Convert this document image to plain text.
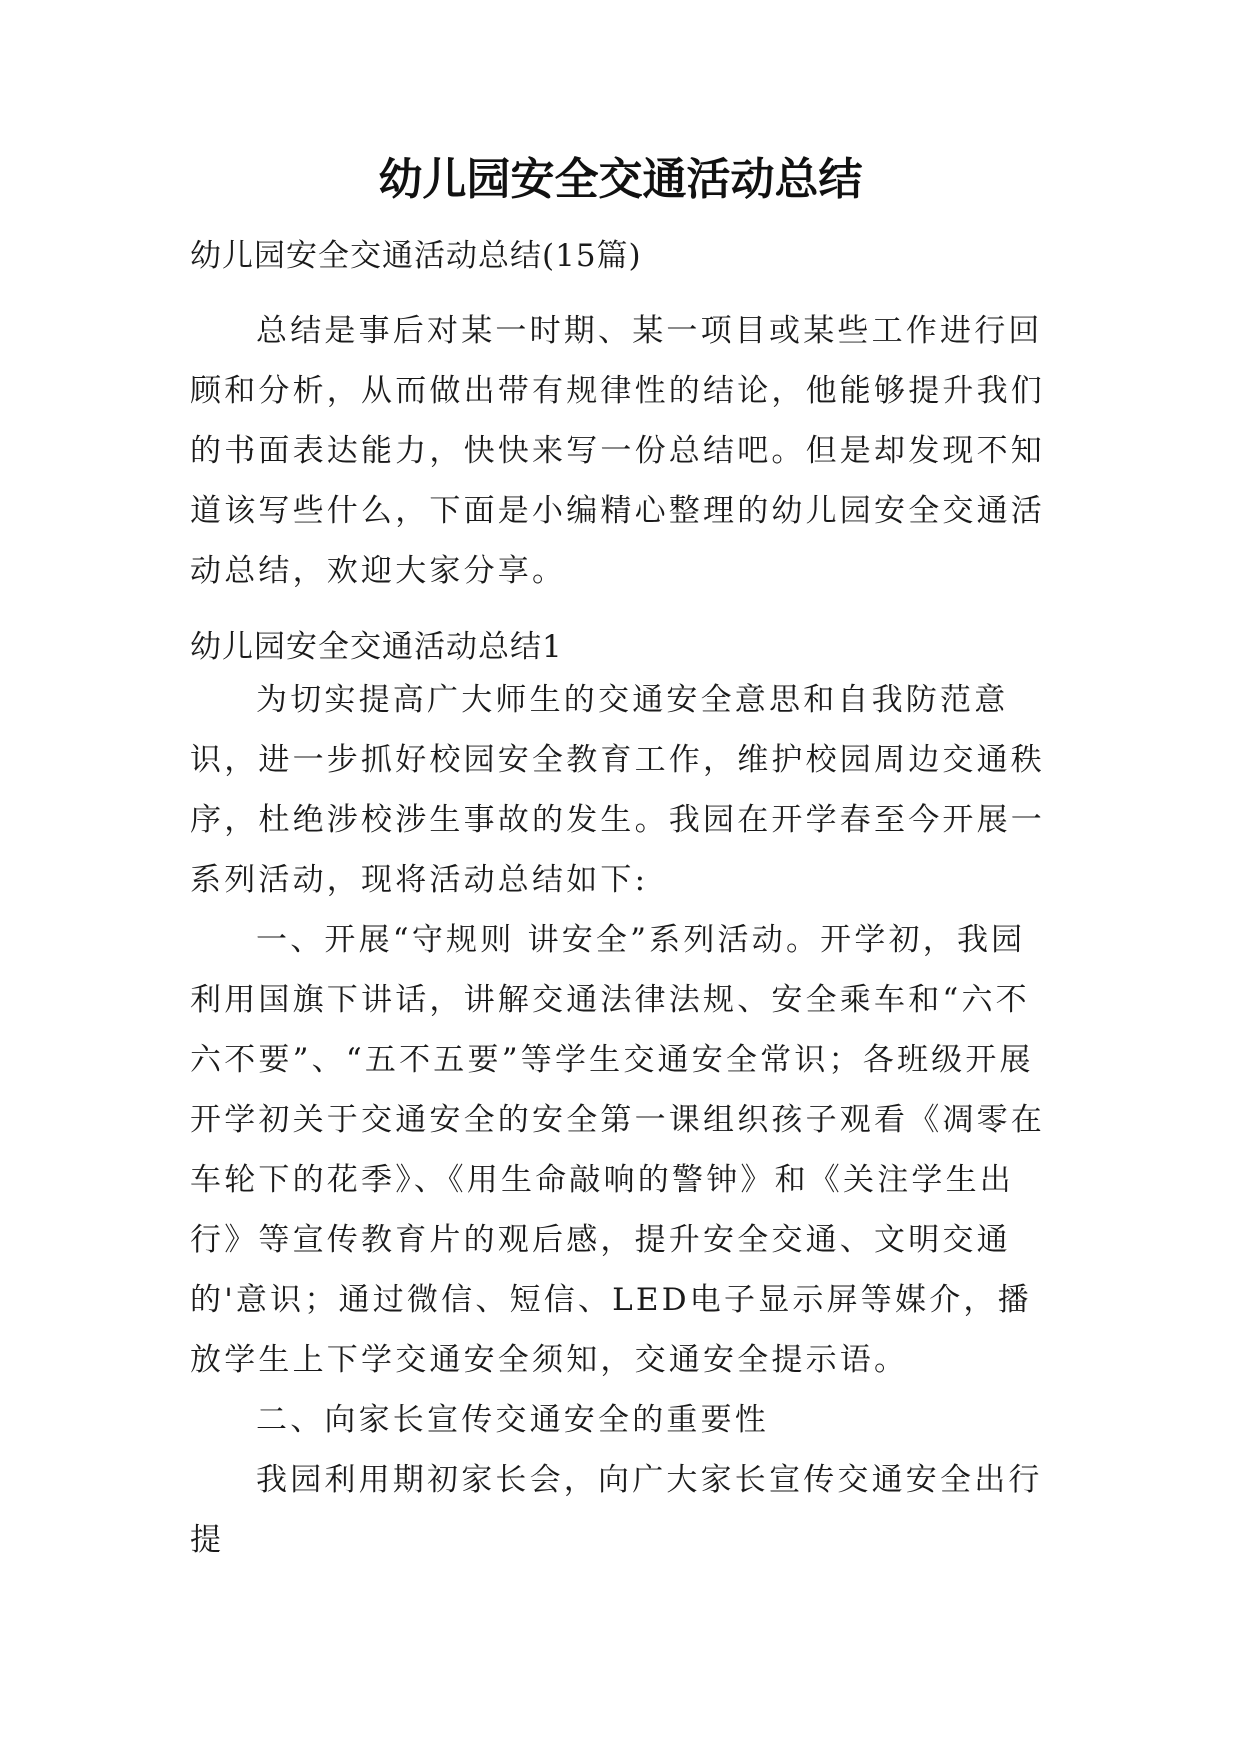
幼儿园安全交通活动总结
幼儿园安全交通活动总结(15篇)

总结是事后对某一时期、某一项目或某些工作进行回顾和分析，从而做出带有规律性的结论，他能够提升我们的书面表达能力，快快来写一份总结吧。但是却发现不知道该写些什么，下面是小编精心整理的幼儿园安全交通活动总结，欢迎大家分享。

幼儿园安全交通活动总结1

为切实提高广大师生的交通安全意思和自我防范意识，进一步抓好校园安全教育工作，维护校园周边交通秩序，杜绝涉校涉生事故的发生。我园在开学春至今开展一系列活动，现将活动总结如下:

一、开展“守规则 讲安全”系列活动。开学初，我园利用国旗下讲话，讲解交通法律法规、安全乘车和“六不六不要”、“五不五要”等学生交通安全常识；各班级开展开学初关于交通安全的安全第一课组织孩子观看《凋零在车轮下的花季》、《用生命敲响的警钟》和《关注学生出行》等宣传教育片的观后感，提升安全交通、文明交通的'意识；通过微信、短信、LED电子显示屏等媒介，播放学生上下学交通安全须知，交通安全提示语。

二、向家长宣传交通安全的重要性

我园利用期初家长会，向广大家长宣传交通安全出行提
